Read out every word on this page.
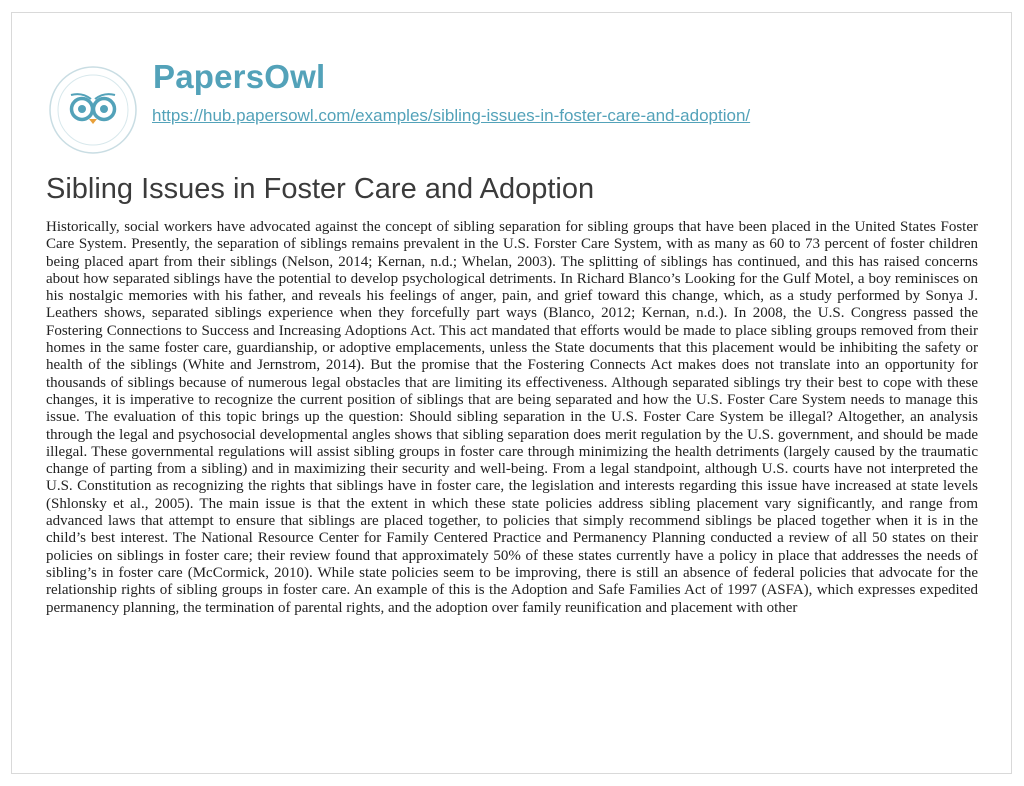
PapersOwl
https://hub.papersowl.com/examples/sibling-issues-in-foster-care-and-adoption/
Sibling Issues in Foster Care and Adoption

Historically, social workers have advocated against the concept of sibling separation for sibling groups that have been placed in the United States Foster Care System. Presently, the separation of siblings remains prevalent in the U.S. Forster Care System, with as many as 60 to 73 percent of foster children being placed apart from their siblings (Nelson, 2014; Kernan, n.d.; Whelan, 2003). The splitting of siblings has continued, and this has raised concerns about how separated siblings have the potential to develop psychological detriments. In Richard Blanco’s Looking for the Gulf Motel, a boy reminisces on his nostalgic memories with his father, and reveals his feelings of anger, pain, and grief toward this change, which, as a study performed by Sonya J. Leathers shows, separated siblings experience when they forcefully part ways (Blanco, 2012; Kernan, n.d.). In 2008, the U.S. Congress passed the Fostering Connections to Success and Increasing Adoptions Act. This act mandated that efforts would be made to place sibling groups removed from their homes in the same foster care, guardianship, or adoptive emplacements, unless the State documents that this placement would be inhibiting the safety or health of the siblings (White and Jernstrom, 2014). But the promise that the Fostering Connects Act makes does not translate into an opportunity for thousands of siblings because of numerous legal obstacles that are limiting its effectiveness. Although separated siblings try their best to cope with these changes, it is imperative to recognize the current position of siblings that are being separated and how the U.S. Foster Care System needs to manage this issue. The evaluation of this topic brings up the question: Should sibling separation in the U.S. Foster Care System be illegal? Altogether, an analysis through the legal and psychosocial developmental angles shows that sibling separation does merit regulation by the U.S. government, and should be made illegal. These governmental regulations will assist sibling groups in foster care through minimizing the health detriments (largely caused by the traumatic change of parting from a sibling) and in maximizing their security and well-being. From a legal standpoint, although U.S. courts have not interpreted the U.S. Constitution as recognizing the rights that siblings have in foster care, the legislation and interests regarding this issue have increased at state levels (Shlonsky et al., 2005). The main issue is that the extent in which these state policies address sibling placement vary significantly, and range from advanced laws that attempt to ensure that siblings are placed together, to policies that simply recommend siblings be placed together when it is in the child’s best interest. The National Resource Center for Family Centered Practice and Permanency Planning conducted a review of all 50 states on their policies on siblings in foster care; their review found that approximately 50% of these states currently have a policy in place that addresses the needs of sibling’s in foster care (McCormick, 2010). While state policies seem to be improving, there is still an absence of federal policies that advocate for the relationship rights of sibling groups in foster care. An example of this is the Adoption and Safe Families Act of 1997 (ASFA), which expresses expedited permanency planning, the termination of parental rights, and the adoption over family reunification and placement with other
